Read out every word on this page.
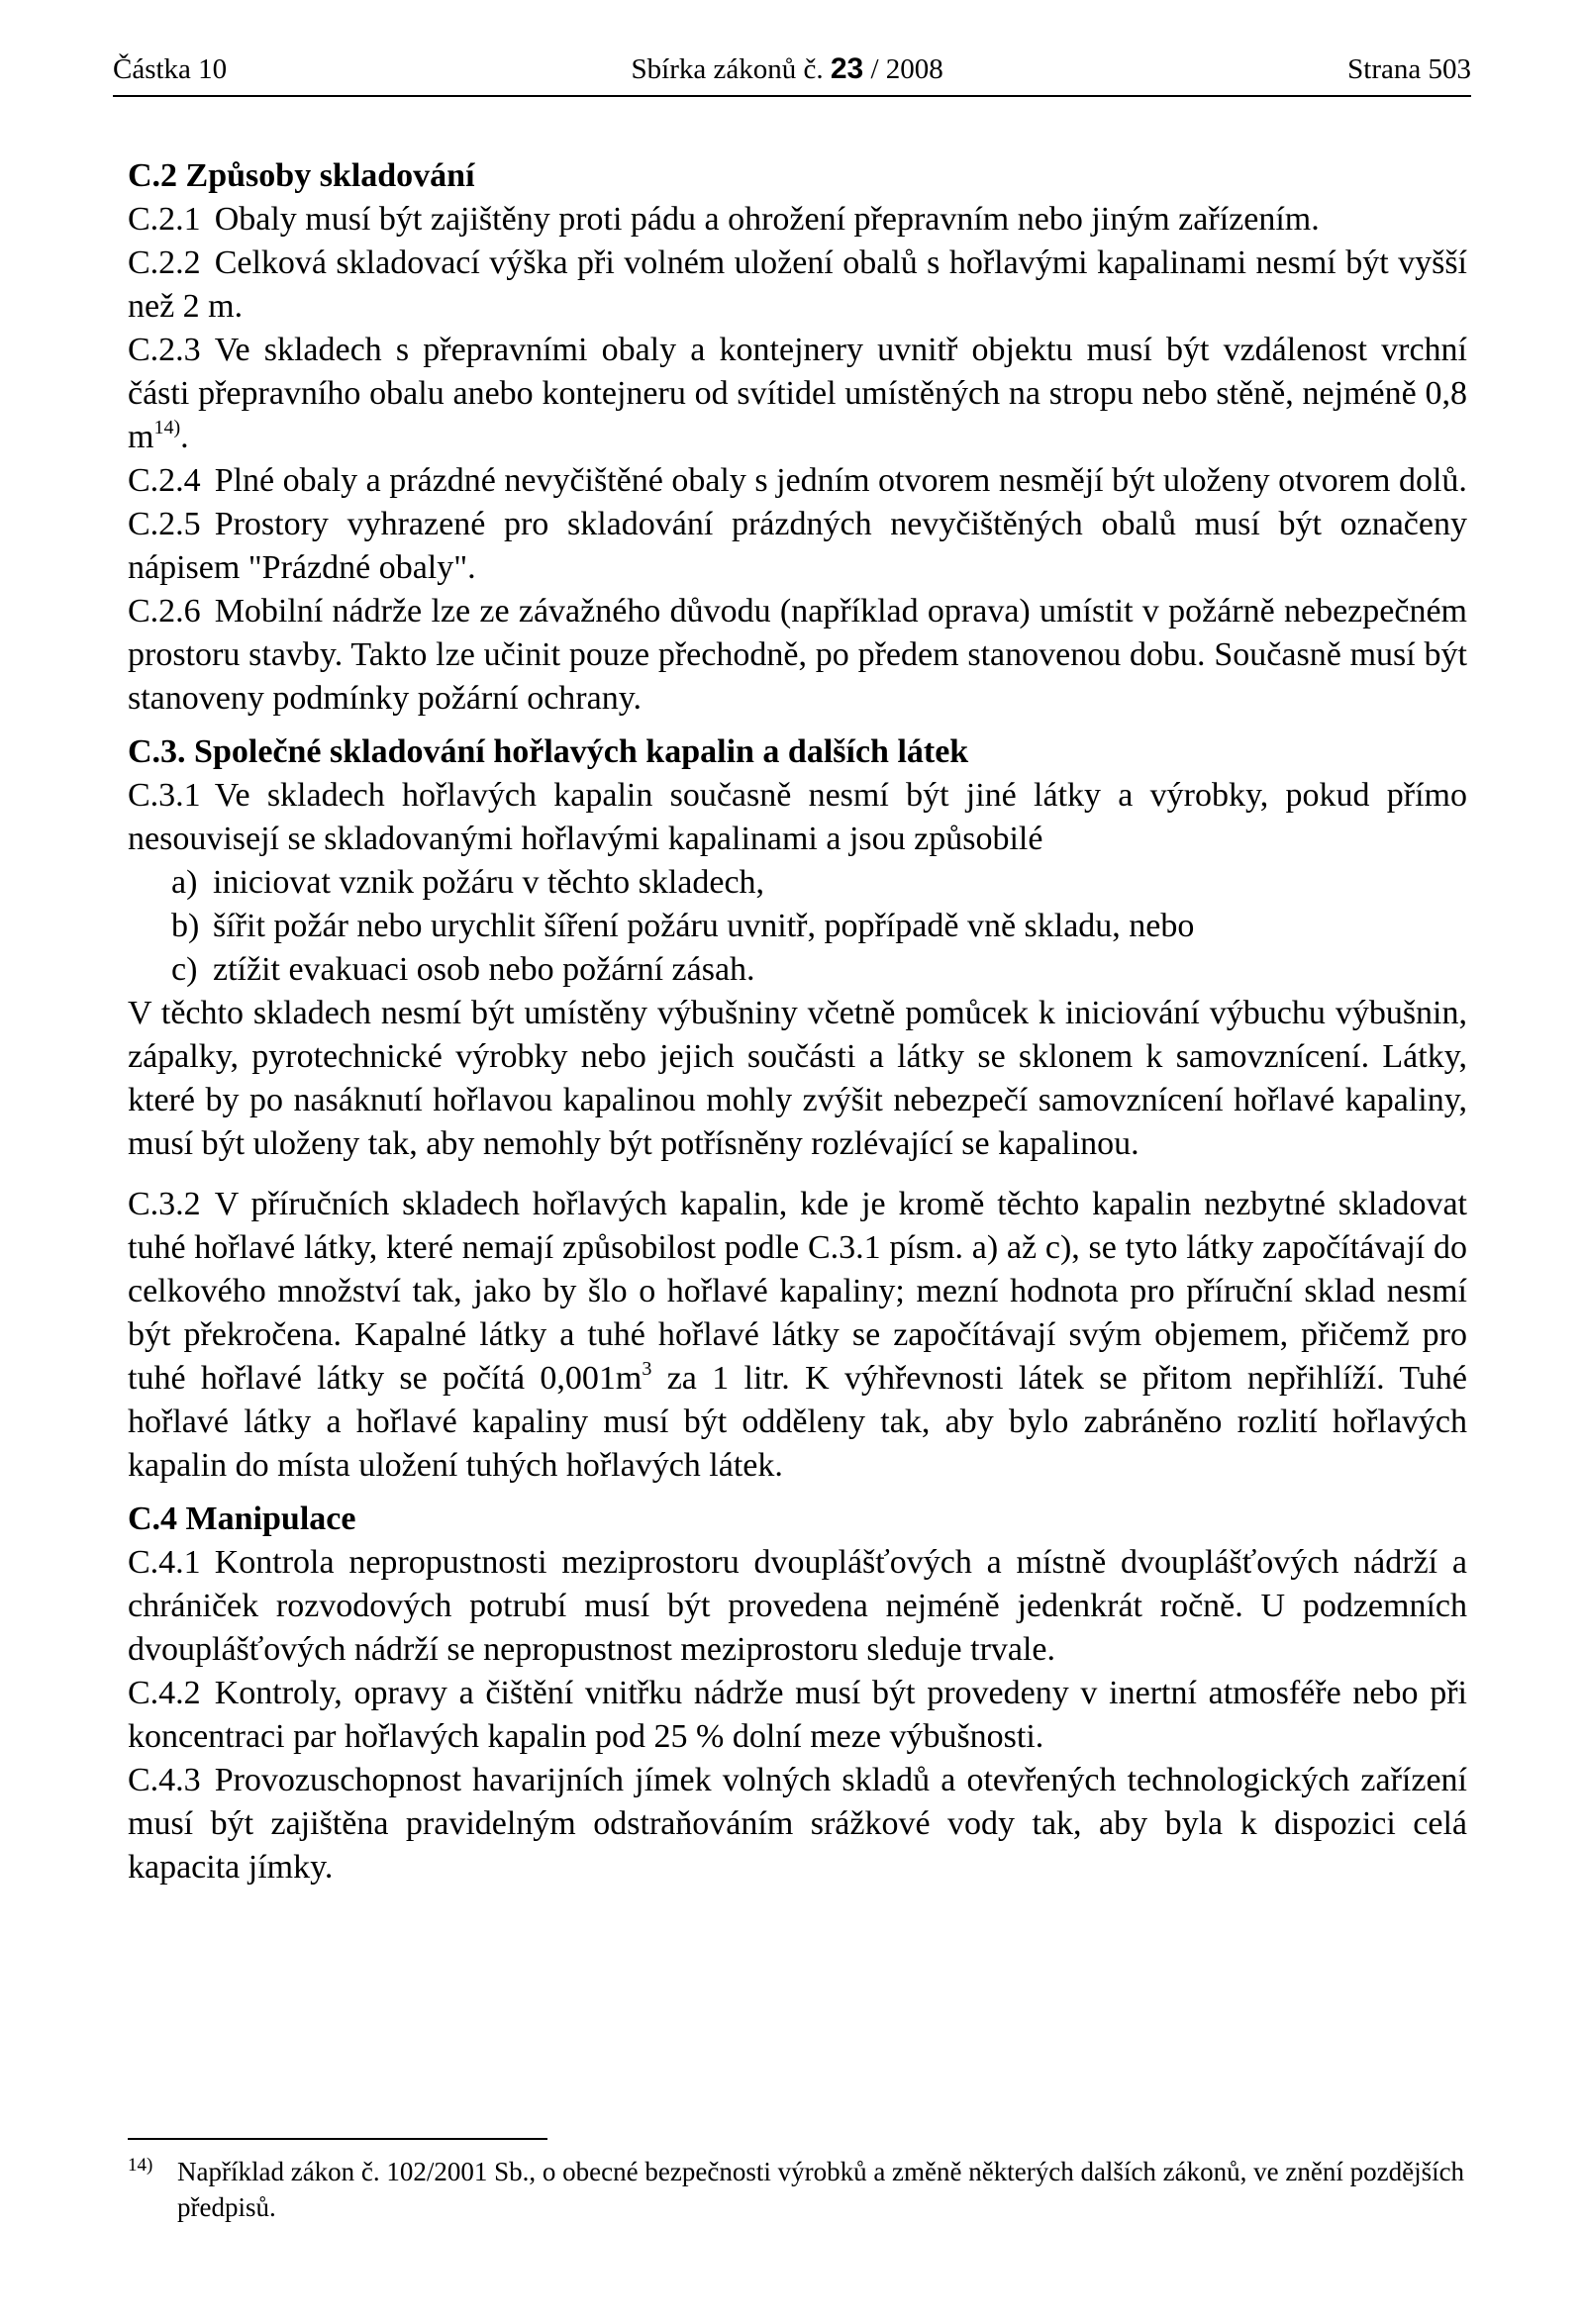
Částka 10	Sbírka zákonů č. 23 / 2008	Strana 503

C.2 Způsoby skladování

C.2.1 Obaly musí být zajištěny proti pádu a ohrožení přepravním nebo jiným zařízením.

C.2.2 Celková skladovací výška při volném uložení obalů s hořlavými kapalinami nesmí být vyšší než 2 m.

C.2.3 Ve skladech s přepravními obaly a kontejnery uvnitř objektu musí být vzdálenost vrchní části přepravního obalu anebo kontejneru od svítidel umístěných na stropu nebo stěně, nejméně 0,8 $m^{14)}$.

C.2.4 Plné obaly a prázdné nevyčištěné obaly s jedním otvorem nesmějí být uloženy otvorem dolů.

C.2.5 Prostory vyhrazené pro skladování prázdných nevyčištěných obalů musí být označeny nápisem "Prázdné obaly".

C.2.6 Mobilní nádrže lze ze závažného důvodu (například oprava) umístit v požárně nebezpečném prostoru stavby. Takto lze učinit pouze přechodně, po předem stanovenou dobu. Současně musí být stanoveny podmínky požární ochrany.

C.3. Společné skladování hořlavých kapalin a dalších látek

C.3.1 Ve skladech hořlavých kapalin současně nesmí být jiné látky a výrobky, pokud přímo nesouvisejí se skladovanými hořlavými kapalinami a jsou způsobilé

a) iniciovat vznik požáru v těchto skladech,
b) šířit požár nebo urychlit šíření požáru uvnitř, popřípadě vně skladu, nebo
c) ztížit evakuaci osob nebo požární zásah.

V těchto skladech nesmí být umístěny výbušniny včetně pomůcek k iniciování výbuchu výbušnin, zápalky, pyrotechnické výrobky nebo jejich součásti a látky se sklonem k samovznícení. Látky, které by po nasáknutí hořlavou kapalinou mohly zvýšit nebezpečí samovznícení hořlavé kapaliny, musí být uloženy tak, aby nemohly být potřísněny rozlévající se kapalinou.

C.3.2 V příručních skladech hořlavých kapalin, kde je kromě těchto kapalin nezbytné skladovat tuhé hořlavé látky, které nemají způsobilost podle C.3.1 písm. a) až c), se tyto látky započítávají do celkového množství tak, jako by šlo o hořlavé kapaliny; mezní hodnota pro příruční sklad nesmí být překročena. Kapalné látky a tuhé hořlavé látky se započítávají svým objemem, přičemž pro tuhé hořlavé látky se počítá $0,001m^3$ za 1 litr. K výhřevnosti látek se přitom nepřihlíží. Tuhé hořlavé látky a hořlavé kapaliny musí být odděleny tak, aby bylo zabráněno rozlití hořlavých kapalin do místa uložení tuhých hořlavých látek.

C.4 Manipulace

C.4.1 Kontrola nepropustnosti meziprostoru dvouplášťových a místně dvouplášťových nádrží a chrániček rozvodových potrubí musí být provedena nejméně jedenkrát ročně. U podzemních dvouplášťových nádrží se nepropustnost meziprostoru sleduje trvale.

C.4.2 Kontroly, opravy a čištění vnitřku nádrže musí být provedeny v inertní atmosféře nebo při koncentraci par hořlavých kapalin pod 25 % dolní meze výbušnosti.

C.4.3 Provozuschopnost havarijních jímek volných skladů a otevřených technologických zařízení musí být zajištěna pravidelným odstraňováním srážkové vody tak, aby byla k dispozici celá kapacita jímky.

14) Například zákon č. 102/2001 Sb., o obecné bezpečnosti výrobků a změně některých dalších zákonů, ve znění pozdějších předpisů.
